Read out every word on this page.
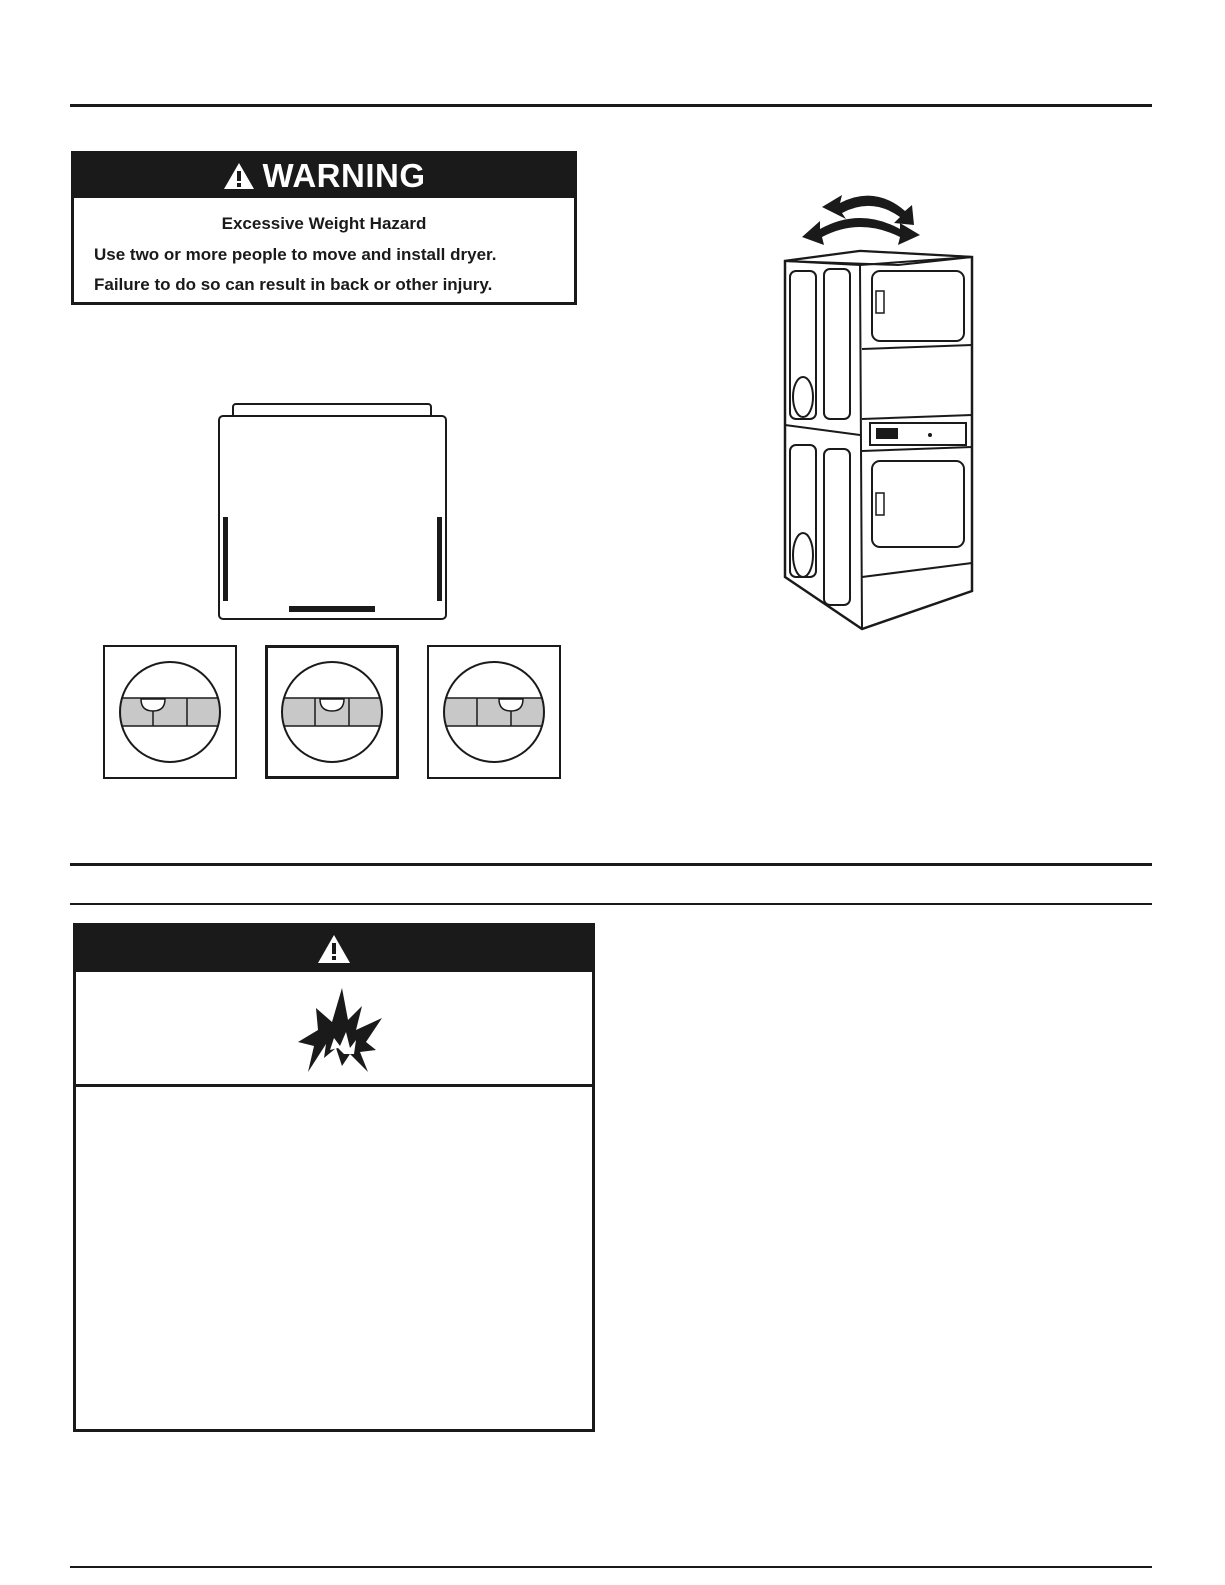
WARNING
Excessive Weight Hazard
Use two or more people to move and install dryer.
Failure to do so can result in back or other injury.
